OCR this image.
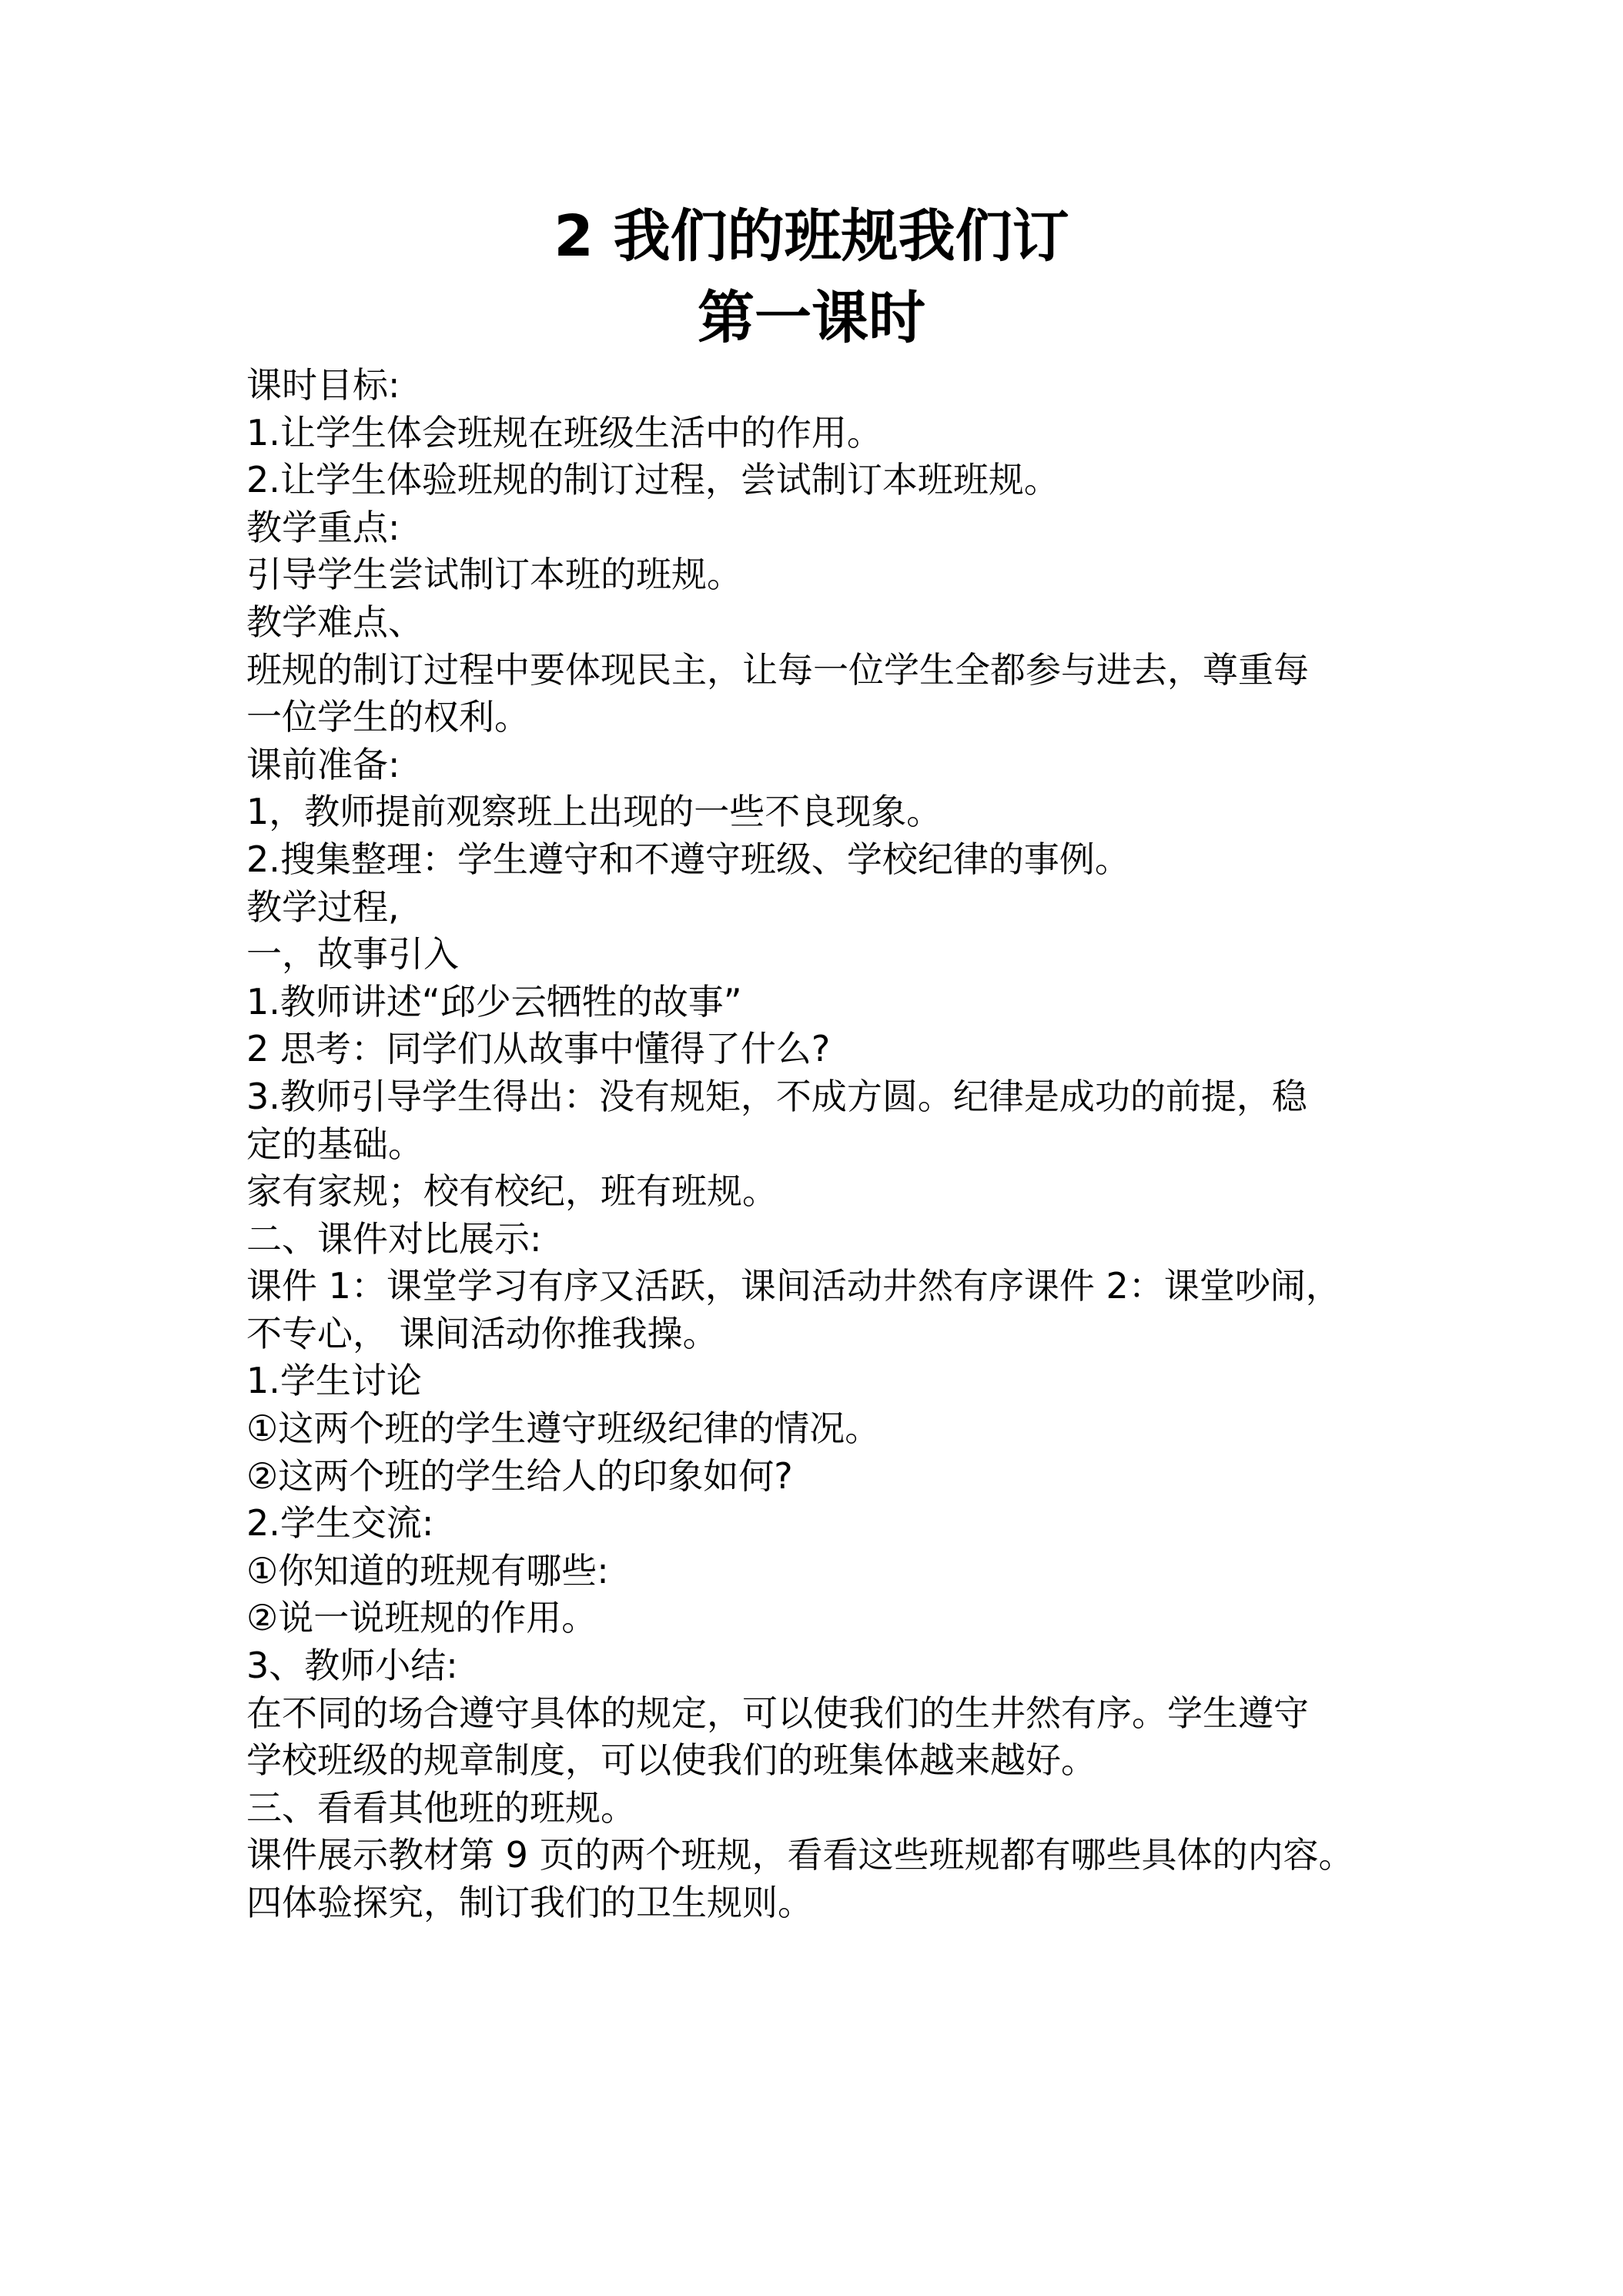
2 我们的班规我们订
第一课时
课时目标:
1.让学生体会班规在班级生活中的作用。
2.让学生体验班规的制订过程，尝试制订本班班规。
教学重点:
引导学生尝试制订本班的班规。
教学难点、
班规的制订过程中要体现民主，让每一位学生全都参与进去，尊重每
一位学生的权利。
课前准备:
1，教师提前观察班上出现的一些不良现象。
2.搜集整理：学生遵守和不遵守班级、学校纪律的事例。
教学过程,
一，故事引入
1.教师讲述“邱少云牺牲的故事”
2 思考：同学们从故事中懂得了什么?
3.教师引导学生得出：没有规矩，不成方圆。纪律是成功的前提，稳
定的基础。
家有家规；校有校纪，班有班规。
二、课件对比展示:
课件 1：课堂学习有序又活跃，课间活动井然有序课件 2：课堂吵闹，
不专心， 课间活动你推我操。
1.学生讨论
①这两个班的学生遵守班级纪律的情况。
②这两个班的学生给人的印象如何?
2.学生交流:
①你知道的班规有哪些:
②说一说班规的作用。
3、教师小结:
在不同的场合遵守具体的规定，可以使我们的生井然有序。学生遵守
学校班级的规章制度，可以使我们的班集体越来越好。
三、看看其他班的班规。
课件展示教材第 9 页的两个班规，看看这些班规都有哪些具体的内容。
四体验探究，制订我们的卫生规则。
